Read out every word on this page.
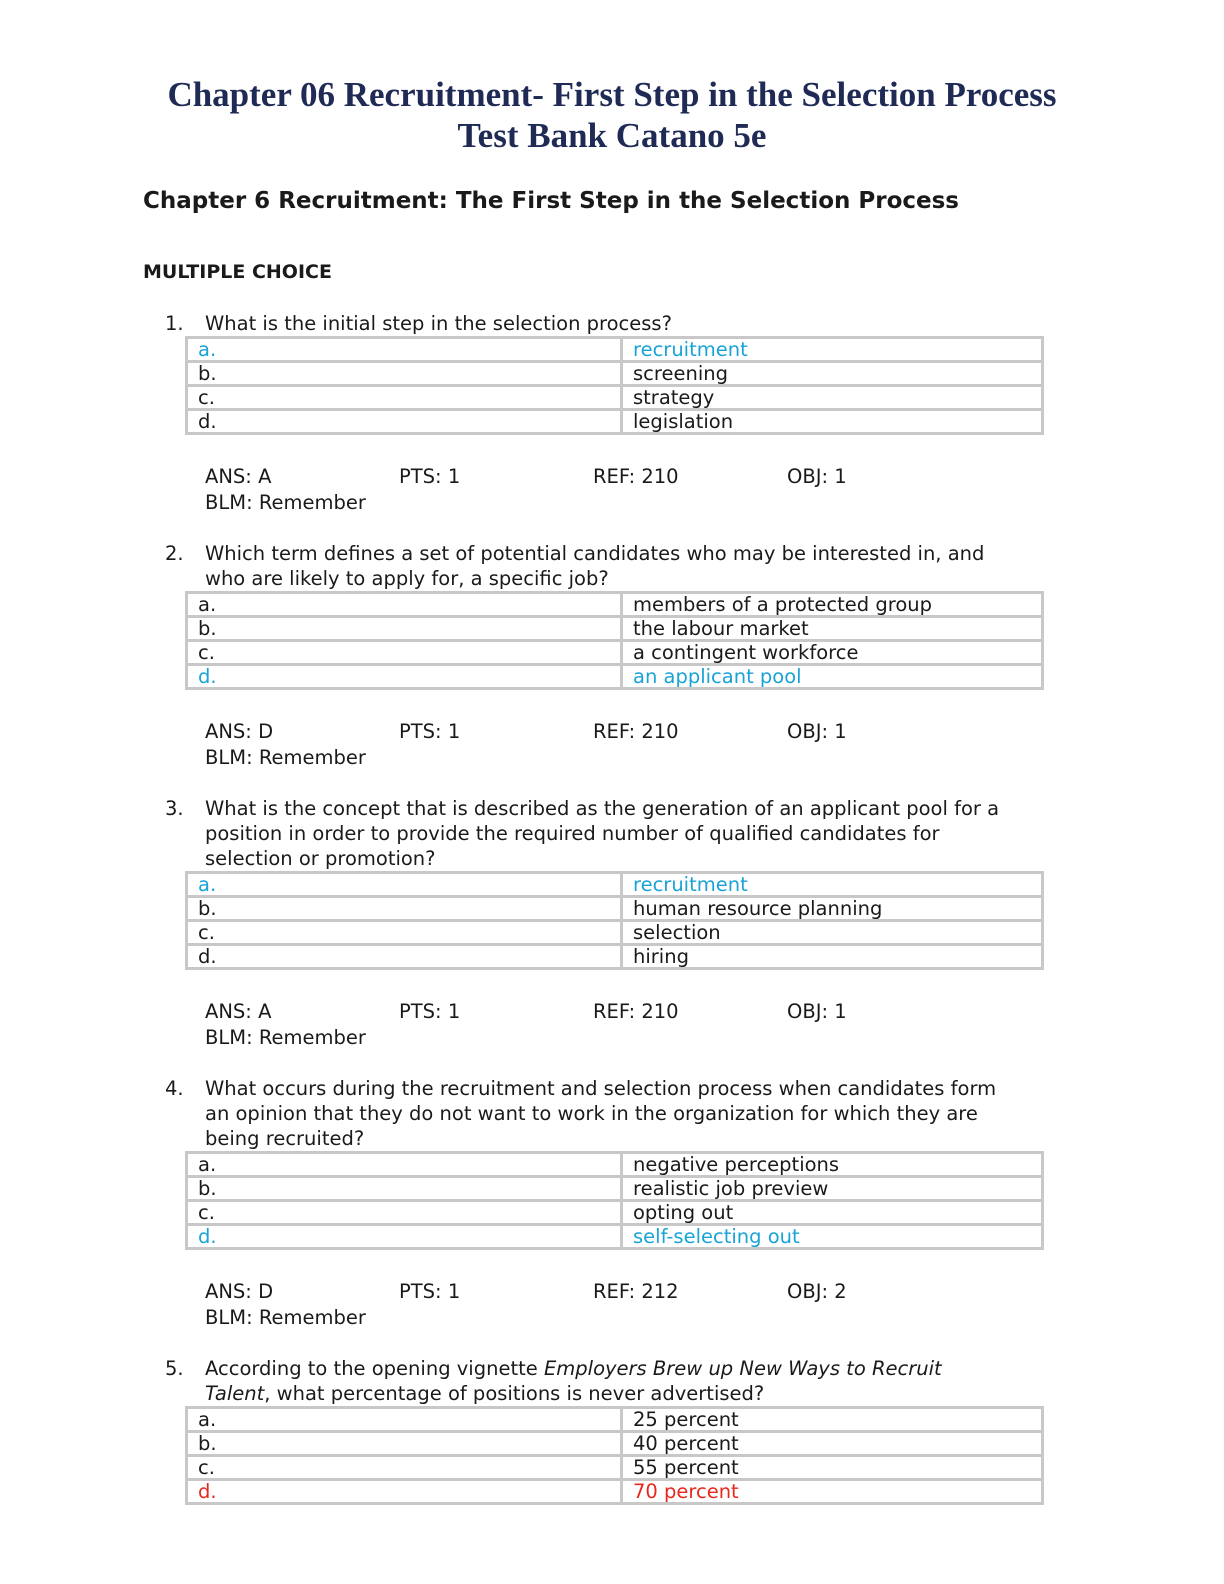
Chapter 06 Recruitment- First Step in the Selection Process
Test Bank Catano 5e
Chapter 6 Recruitment: The First Step in the Selection Process
MULTIPLE CHOICE
1. What is the initial step in the selection process?
a.	recruitment
b.	screening
c.	strategy
d.	legislation
ANS: A	PTS: 1	REF: 210	OBJ: 1
BLM: Remember
2. Which term defines a set of potential candidates who may be interested in, and
who are likely to apply for, a specific job?
a.	members of a protected group
b.	the labour market
c.	a contingent workforce
d.	an applicant pool
ANS: D	PTS: 1	REF: 210	OBJ: 1
BLM: Remember
3. What is the concept that is described as the generation of an applicant pool for a
position in order to provide the required number of qualified candidates for
selection or promotion?
a.	recruitment
b.	human resource planning
c.	selection
d.	hiring
ANS: A	PTS: 1	REF: 210	OBJ: 1
BLM: Remember
4. What occurs during the recruitment and selection process when candidates form
an opinion that they do not want to work in the organization for which they are
being recruited?
a.	negative perceptions
b.	realistic job preview
c.	opting out
d.	self-selecting out
ANS: D	PTS: 1	REF: 212	OBJ: 2
BLM: Remember
5. According to the opening vignette Employers Brew up New Ways to Recruit
Talent, what percentage of positions is never advertised?
a.	25 percent
b.	40 percent
c.	55 percent
d.	70 percent
